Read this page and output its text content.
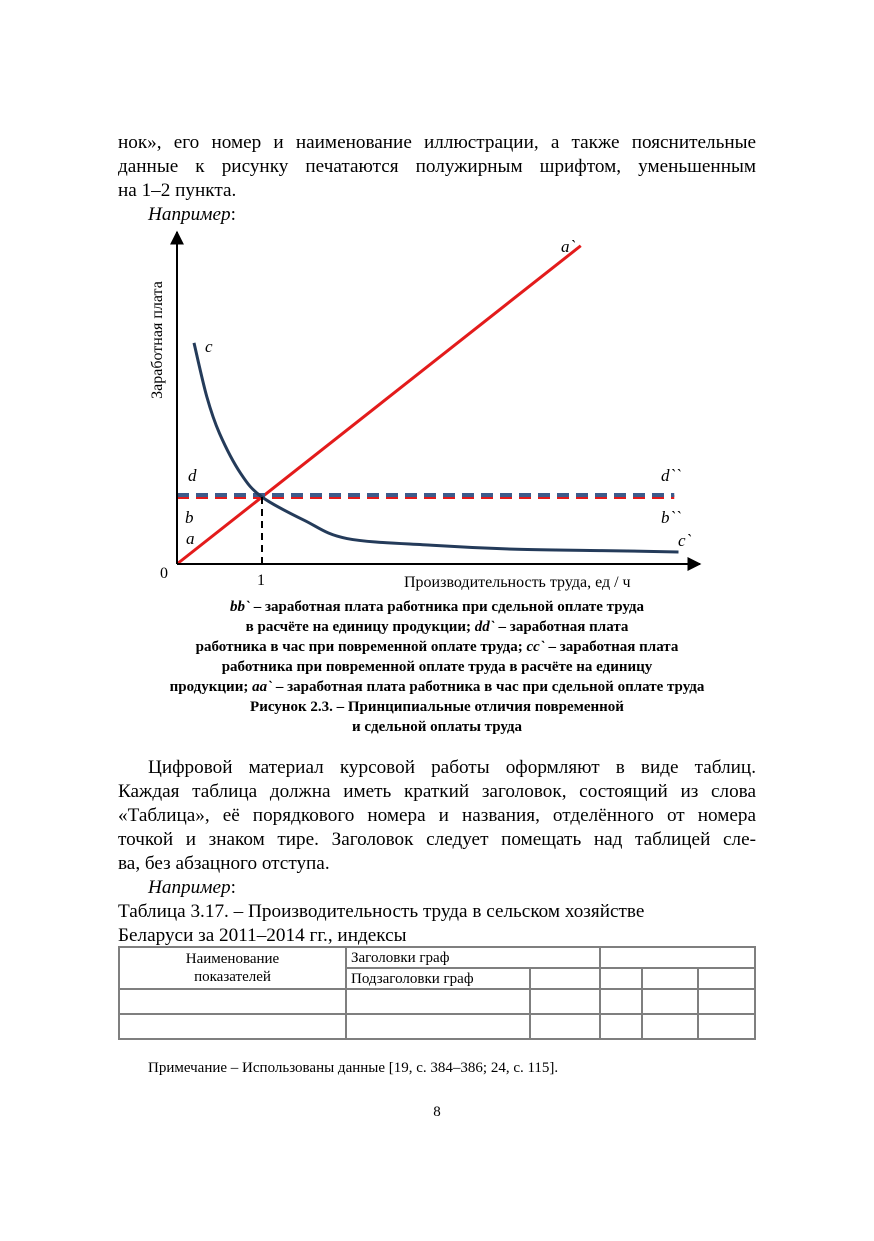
нок», его номер и наименование иллюстрации, а также пояснительные
данные к рисунку печатаются полужирным шрифтом, уменьшенным
на 1–2 пункта.
Например:
Заработная плата
Производительность труда, ед / ч
0	1
a
b
d
c
a`
d``
b``
c`
bb` – заработная плата работника при сдельной оплате труда
в расчёте на единицу продукции; dd` – заработная плата
работника в час при повременной оплате труда; cc` – заработная плата
работника при повременной оплате труда в расчёте на единицу
продукции; aa` – заработная плата работника в час при сдельной оплате труда
Рисунок 2.3. – Принципиальные отличия повременной
и сдельной оплаты труда
Цифровой материал курсовой работы оформляют в виде таблиц.
Каждая таблица должна иметь краткий заголовок, состоящий из слова
«Таблица», её порядкового номера и названия, отделённого от номера
точкой и знаком тире. Заголовок следует помещать над таблицей сле-
ва, без абзацного отступа.
Например:
Таблица 3.17. – Производительность труда в сельском хозяйстве
Беларуси за 2011–2014 гг., индексы
Наименование
показателей	Заголовки граф				
	Подзаголовки граф				

Примечание – Использованы данные [19, с. 384–386; 24, с. 115].
8
